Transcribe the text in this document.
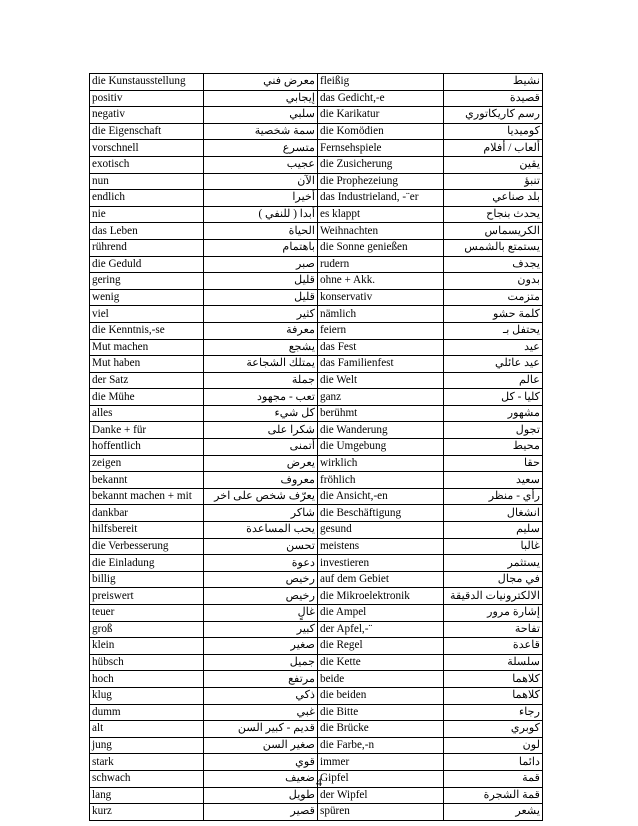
die Kunstausstellung	معرض فني	fleißig	نشيط
positiv	إيجابي	das Gedicht,-e	قصيدة
negativ	سلبي	die Karikatur	رسم كاريكاتوري
die Eigenschaft	سمة شخصية	die Komödien	كوميديا
vorschnell	متسرع	Fernsehspiele	ألعاب / أفلام
exotisch	عجيب	die Zusicherung	يقين
nun	الآن	die Prophezeiung	تنبؤ
endlich	أخيرا	das Industrieland, -¨er	بلد صناعي
nie	أبدا ( للنفي )	es klappt	يحدث بنجاح
das Leben	الحياة	Weihnachten	الكريسماس
rührend	باهتمام	die Sonne genießen	يستمتع بالشمس
die Geduld	صبر	rudern	يجدف
gering	قليل	ohne + Akk.	بدون
wenig	قليل	konservativ	متزمت
viel	كثير	nämlich	كلمة حشو
die Kenntnis,-se	معرفة	feiern	يحتفل بـ
Mut machen	يشجع	das Fest	عيد
Mut haben	يمتلك الشجاعة	das Familienfest	عيد عائلي
der Satz	جملة	die Welt	عالم
die Mühe	تعب - مجهود	ganz	كليا - كل
alles	كل شيء	berühmt	مشهور
Danke + für	شكرا على	die Wanderung	تجول
hoffentlich	أتمنى	die Umgebung	محيط
zeigen	يعرض	wirklich	حقا
bekannt	معروف	fröhlich	سعيد
bekannt machen + mit	يعرّف شخص على اخر	die Ansicht,-en	رأي - منظر
dankbar	شاكر	die Beschäftigung	انشغال
hilfsbereit	يحب المساعدة	gesund	سليم
die Verbesserung	تحسن	meistens	غالبا
die Einladung	دعوة	investieren	يستثمر
billig	رخيص	auf dem Gebiet	في مجال
preiswert	رخيص	die Mikroelektronik	الالكترونيات الدقيقة
teuer	غالٍ	die Ampel	إشارة مرور
groß	كبير	der Apfel,-¨	تفاحة
klein	صغير	die Regel	قاعدة
hübsch	جميل	die Kette	سلسلة
hoch	مرتفع	beide	كلاهما
klug	ذكي	die beiden	كلاهما
dumm	غبي	die Bitte	رجاء
alt	قديم - كبير السن	die Brücke	كوبري
jung	صغير السن	die Farbe,-n	لون
stark	قوي	immer	دائما
schwach	ضعيف	Gipfel	قمة
lang	طويل	der Wipfel	قمة الشجرة
kurz	قصير	spüren	يشعر
4
